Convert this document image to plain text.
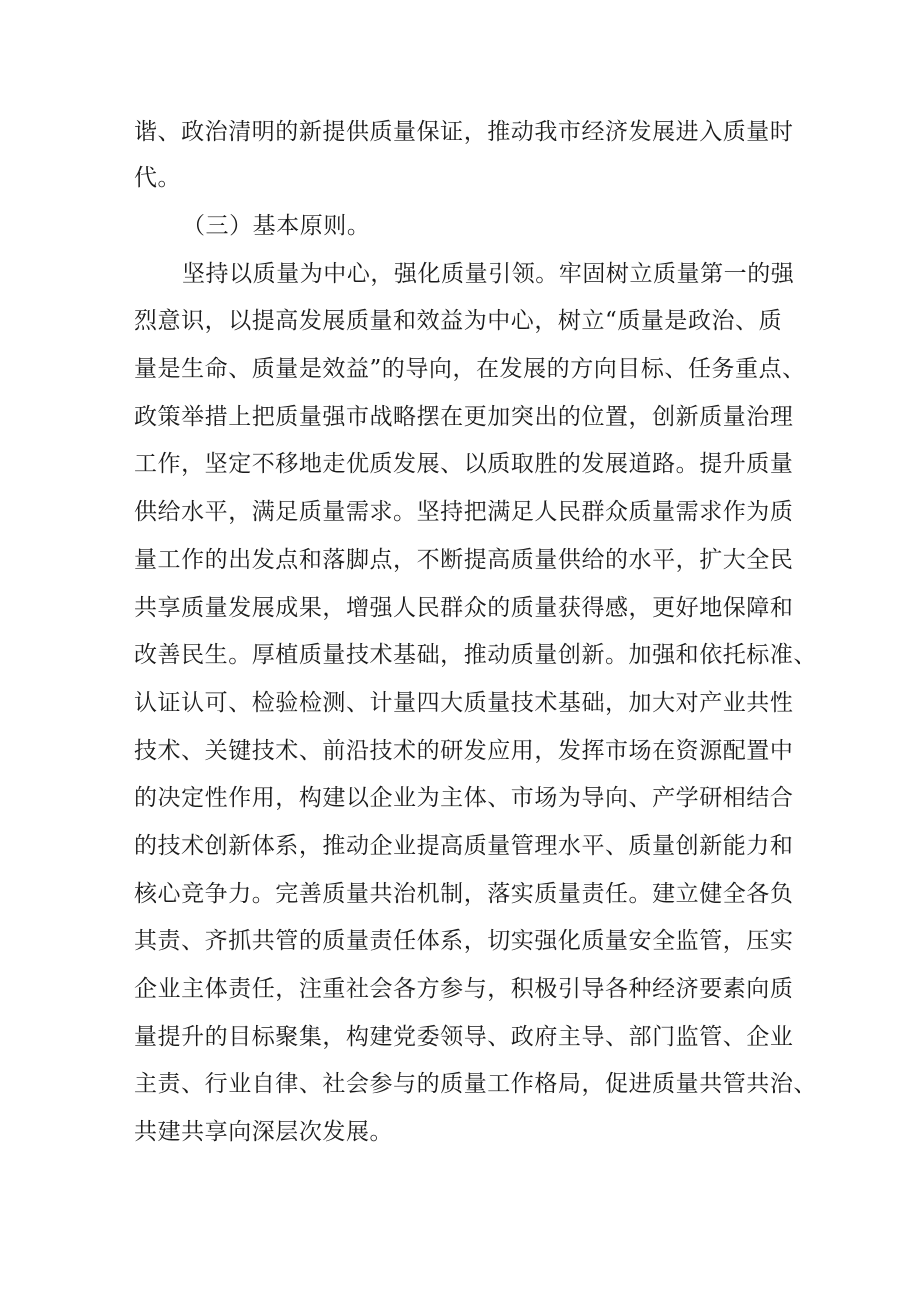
谐、政治清明的新提供质量保证，推动我市经济发展进入质量时
代。
（三）基本原则。
坚持以质量为中心，强化质量引领。牢固树立质量第一的强
烈意识，以提高发展质量和效益为中心，树立“质量是政治、质
量是生命、质量是效益”的导向，在发展的方向目标、任务重点、
政策举措上把质量强市战略摆在更加突出的位置，创新质量治理
工作，坚定不移地走优质发展、以质取胜的发展道路。提升质量
供给水平，满足质量需求。坚持把满足人民群众质量需求作为质
量工作的出发点和落脚点，不断提高质量供给的水平，扩大全民
共享质量发展成果，增强人民群众的质量获得感，更好地保障和
改善民生。厚植质量技术基础，推动质量创新。加强和依托标准、
认证认可、检验检测、计量四大质量技术基础，加大对产业共性
技术、关键技术、前沿技术的研发应用，发挥市场在资源配置中
的决定性作用，构建以企业为主体、市场为导向、产学研相结合
的技术创新体系，推动企业提高质量管理水平、质量创新能力和
核心竞争力。完善质量共治机制，落实质量责任。建立健全各负
其责、齐抓共管的质量责任体系，切实强化质量安全监管，压实
企业主体责任，注重社会各方参与，积极引导各种经济要素向质
量提升的目标聚集，构建党委领导、政府主导、部门监管、企业
主责、行业自律、社会参与的质量工作格局，促进质量共管共治、
共建共享向深层次发展。
